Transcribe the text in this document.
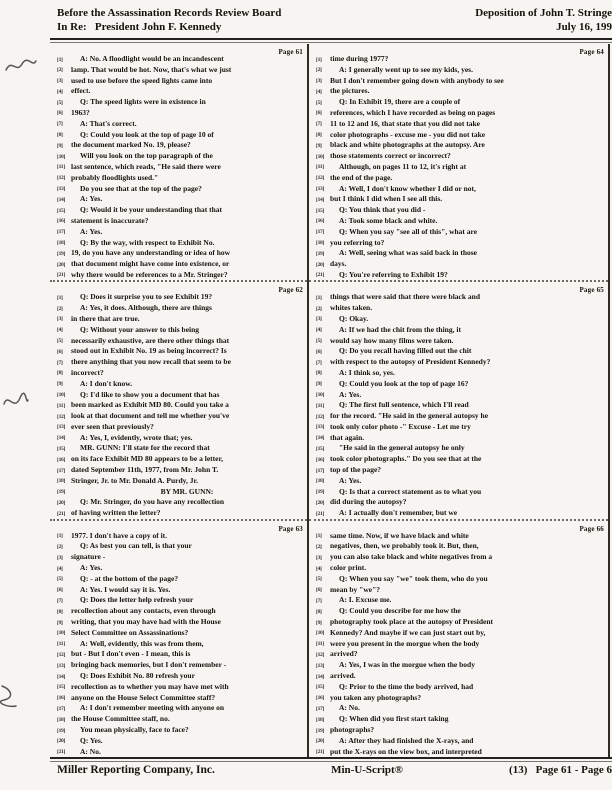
Before the Assassination Records Review Board
In Re:   President John F. Kennedy
Deposition of John T. Stringe
July 16, 199
Page 61
[1] A: No. A floodlight would be an incandescent
[2] lamp. That would be hot. Now, that's what we just
[3] used to use before the speed lights came into
[4] effect.
[5] Q: The speed lights were in existence in
[6] 1963?
[7] A: That's correct.
[8] Q: Could you look at the top of page 10 of
[9] the document marked No. 19, please?
[10] Will you look on the top paragraph of the
[11] last sentence, which reads, "He said there were
[12] probably floodlights used."
[13] Do you see that at the top of the page?
[14] A: Yes.
[15] Q: Would it be your understanding that that
[16] statement is inaccurate?
[17] A: Yes.
[18] Q: By the way, with respect to Exhibit No.
[19] 19, do you have any understanding or idea of how
[20] that document might have come into existence, or
[21] why there would be references to a Mr. Stringer?
Page 62
[1] Q: Does it surprise you to see Exhibit 19?
[2] A: Yes, it does. Although, there are things
[3] in there that are true.
[4] Q: Without your answer to this being
[5] necessarily exhaustive, are there other things that
[6] stood out in Exhibit No. 19 as being incorrect? Is
[7] there anything that you now recall that seem to be
[8] incorrect?
[9] A: I don't know.
[10] Q: I'd like to show you a document that has
[11] been marked as Exhibit MD 80. Could you take a
[12] look at that document and tell me whether you've
[13] ever seen that previously?
[14] A: Yes, I, evidently, wrote that; yes.
[15] MR. GUNN: I'll state for the record that
[16] on its face Exhibit MD 80 appears to be a letter,
[17] dated September 11th, 1977, from Mr. John T.
[18] Stringer, Jr. to Mr. Donald A. Purdy, Jr.
[19]	BY MR. GUNN:
[20] Q: Mr. Stringer, do you have any recollection
[21] of having written the letter?
Page 63
[1] 1977. I don't have a copy of it.
[2] Q: As best you can tell, is that your
[3] signature -
[4] A: Yes.
[5] Q: - at the bottom of the page?
[6] A: Yes. I would say it is. Yes.
[7] Q: Does the letter help refresh your
[8] recollection about any contacts, even through
[9] writing, that you may have had with the House
[10] Select Committee on Assassinations?
[11] A: Well, evidently, this was from them,
[12] but - But I don't even - I mean, this is
[13] bringing back memories, but I don't remember -
[14] Q: Does Exhibit No. 80 refresh your
[15] recollection as to whether you may have met with
[16] anyone on the House Select Committee staff?
[17] A: I don't remember meeting with anyone on
[18] the House Committee staff, no.
[19] You mean physically, face to face?
[20] Q: Yes.
[21] A: No.
Page 64
[1] time during 1977?
[2] A: I generally went up to see my kids, yes.
[3] But I don't remember going down with anybody to see
[4] the pictures.
[5] Q: In Exhibit 19, there are a couple of
[6] references, which I have recorded as being on pages
[7] 11 to 12 and 16, that state that you did not take
[8] color photographs - excuse me - you did not take
[9] black and white photographs at the autopsy. Are
[10] those statements correct or incorrect?
[11] Although, on pages 11 to 12, it's right at
[12] the end of the page.
[13] A: Well, I don't know whether I did or not,
[14] but I think I did when I see all this.
[15] Q: You think that you did -
[16] A: Took some black and white.
[17] Q: When you say "see all of this", what are
[18] you referring to?
[19] A: Well, seeing what was said back in those
[20] days.
[21] Q: You're referring to Exhibit 19?
Page 65
[1] things that were said that there were black and
[2] whites taken.
[3] Q: Okay.
[4] A: If we had the chit from the thing, it
[5] would say how many films were taken.
[6] Q: Do you recall having filled out the chit
[7] with respect to the autopsy of President Kennedy?
[8] A: I think so, yes.
[9] Q: Could you look at the top of page 16?
[10] A: Yes.
[11] Q: The first full sentence, which I'll read
[12] for the record. "He said in the general autopsy he
[13] took only color photo -" Excuse - Let me try
[14] that again.
[15] "He said in the general autopsy he only
[16] took color photographs." Do you see that at the
[17] top of the page?
[18] A: Yes.
[19] Q: Is that a correct statement as to what you
[20] did during the autopsy?
[21] A: I actually don't remember, but we
Page 66
[1] same time. Now, if we have black and white
[2] negatives, then, we probably took it. But, then,
[3] you can also take black and white negatives from a
[4] color print.
[5] Q: When you say "we" took them, who do you
[6] mean by "we"?
[7] A: I. Excuse me.
[8] Q: Could you describe for me how the
[9] photography took place at the autopsy of President
[10] Kennedy? And maybe if we can just start out by,
[11] were you present in the morgue when the body
[12] arrived?
[13] A: Yes, I was in the morgue when the body
[14] arrived.
[15] Q: Prior to the time the body arrived, had
[16] you taken any photographs?
[17] A: No.
[18] Q: When did you first start taking
[19] photographs?
[20] A: After they had finished the X-rays, and
[21] put the X-rays on the view box, and interpreted
Miller Reporting Company, Inc.	Min-U-Script®	(13)   Page 61 - Page 6
